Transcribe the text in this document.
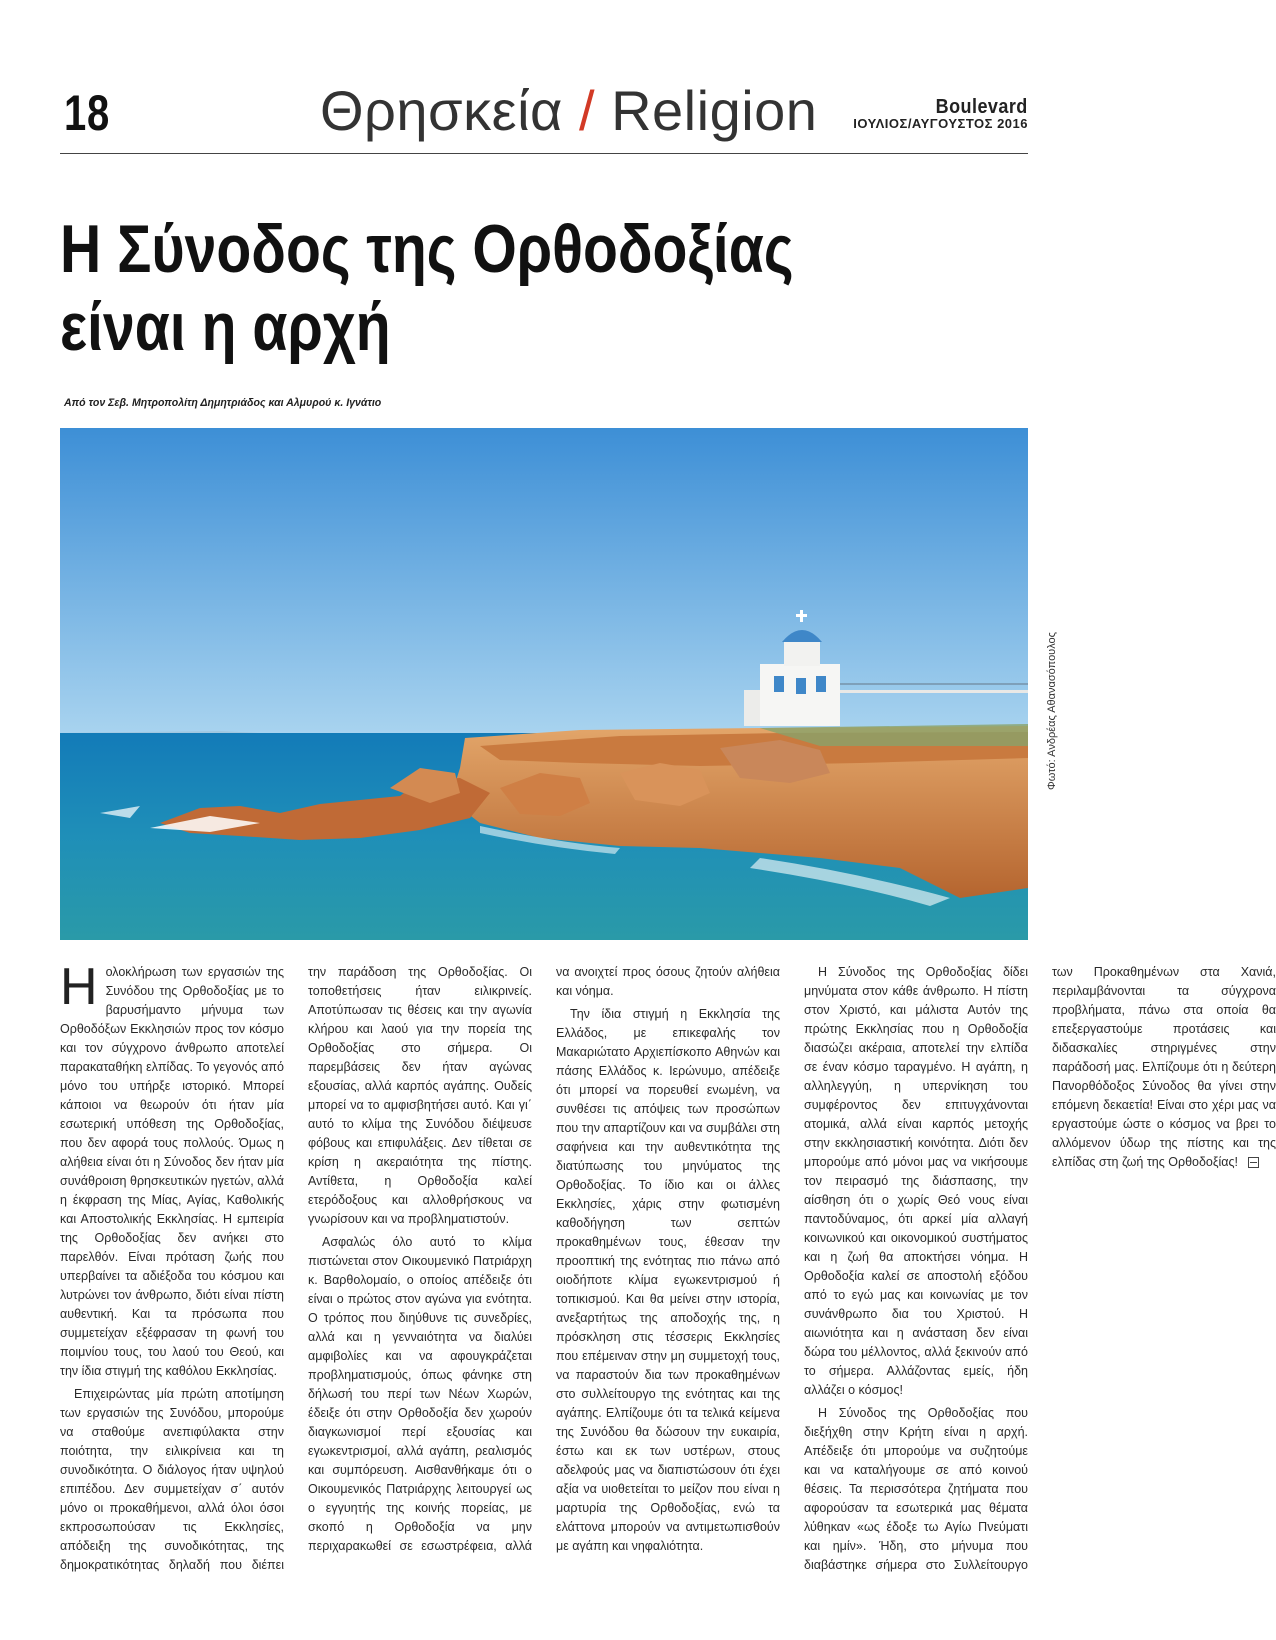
18	Θρησκεία / Religion	Boulevard
ΙΟΥΛΙΟΣ/ΑΥΓΟΥΣΤΟΣ 2016
Η Σύνοδος της Ορθοδοξίας
είναι η αρχή
Από τον Σεβ. Μητροπολίτη Δημητριάδος και Αλμυρού κ. Ιγνάτιο
Φωτό: Ανδρέας Αθανασόπουλος

Η ολοκλήρωση των εργασιών της Συνόδου της Ορθοδοξίας με το βαρυσήμαντο μήνυμα των Ορθοδόξων Εκκλησιών προς τον κόσμο και τον σύγχρονο άνθρωπο αποτελεί παρακαταθήκη ελπίδας. Το γεγονός από μόνο του υπήρξε ιστορικό. Μπορεί κάποιοι να θεωρούν ότι ήταν μία εσωτερική υπόθεση της Ορθοδοξίας, που δεν αφορά τους πολλούς. Όμως η αλήθεια είναι ότι η Σύνοδος δεν ήταν μία συνάθροιση θρησκευτικών ηγετών, αλλά η έκφραση της Μίας, Αγίας, Καθολικής και Αποστολικής Εκκλησίας. Η εμπειρία της Ορθοδοξίας δεν ανήκει στο παρελθόν. Είναι πρόταση ζωής που υπερβαίνει τα αδιέξοδα του κόσμου και λυτρώνει τον άνθρωπο, διότι είναι πίστη αυθεντική. Και τα πρόσωπα που συμμετείχαν εξέφρασαν τη φωνή του ποιμνίου τους, του λαού του Θεού, και την ίδια στιγμή της καθόλου Εκκλησίας.

Επιχειρώντας μία πρώτη αποτίμηση των εργασιών της Συνόδου, μπορούμε να σταθούμε ανεπιφύλακτα στην ποιότητα, την ειλικρίνεια και τη συνοδικότητα. Ο διάλογος ήταν υψηλού επιπέδου. Δεν συμμετείχαν σ΄ αυτόν μόνο οι προκαθήμενοι, αλλά όλοι όσοι εκπροσωπούσαν τις Εκκλησίες, απόδειξη της συνοδικότητας, της δημοκρατικότητας δηλαδή που διέπει την παράδοση της Ορθοδοξίας. Οι τοποθετήσεις ήταν ειλικρινείς. Αποτύπωσαν τις θέσεις και την αγωνία κλήρου και λαού για την πορεία της Ορθοδοξίας στο σήμερα. Οι παρεμβάσεις δεν ήταν αγώνας εξουσίας, αλλά καρπός αγάπης. Ουδείς μπορεί να το αμφισβητήσει αυτό. Και γι΄ αυτό το κλίμα της Συνόδου διέψευσε φόβους και επιφυλάξεις. Δεν τίθεται σε κρίση η ακεραιότητα της πίστης. Αντίθετα, η Ορθοδοξία καλεί ετερόδοξους και αλλοθρήσκους να γνωρίσουν και να προβληματιστούν.

Ασφαλώς όλο αυτό το κλίμα πιστώνεται στον Οικουμενικό Πατριάρχη κ. Βαρθολομαίο, ο οποίος απέδειξε ότι είναι ο πρώτος στον αγώνα για ενότητα. Ο τρόπος που διηύθυνε τις συνεδρίες, αλλά και η γενναιότητα να διαλύει αμφιβολίες και να αφουγκράζεται προβληματισμούς, όπως φάνηκε στη δήλωσή του περί των Νέων Χωρών, έδειξε ότι στην Ορθοδοξία δεν χωρούν διαγκωνισμοί περί εξουσίας και εγωκεντρισμοί, αλλά αγάπη, ρεαλισμός και συμπόρευση. Αισθανθήκαμε ότι ο Οικουμενικός Πατριάρχης λειτουργεί ως ο εγγυητής της κοινής πορείας, με σκοπό η Ορθοδοξία να μην περιχαρακωθεί σε εσωστρέφεια, αλλά να ανοιχτεί προς όσους ζητούν αλήθεια και νόημα.

Την ίδια στιγμή η Εκκλησία της Ελλάδος, με επικεφαλής τον Μακαριώτατο Αρχιεπίσκοπο Αθηνών και πάσης Ελλάδος κ. Ιερώνυμο, απέδειξε ότι μπορεί να πορευθεί ενωμένη, να συνθέσει τις απόψεις των προσώπων που την απαρτίζουν και να συμβάλει στη σαφήνεια και την αυθεντικότητα της διατύπωσης του μηνύματος της Ορθοδοξίας. Το ίδιο και οι άλλες Εκκλησίες, χάρις στην φωτισμένη καθοδήγηση των σεπτών προκαθημένων τους, έθεσαν την προοπτική της ενότητας πιο πάνω από οιοδήποτε κλίμα εγωκεντρισμού ή τοπικισμού. Και θα μείνει στην ιστορία, ανεξαρτήτως της αποδοχής της, η πρόσκληση στις τέσσερις Εκκλησίες που επέμειναν στην μη συμμετοχή τους, να παραστούν δια των προκαθημένων στο συλλείτουργο της ενότητας και της αγάπης. Ελπίζουμε ότι τα τελικά κείμενα της Συνόδου θα δώσουν την ευκαιρία, έστω και εκ των υστέρων, στους αδελφούς μας να διαπιστώσουν ότι έχει αξία να υιοθετείται το μείζον που είναι η μαρτυρία της Ορθοδοξίας, ενώ τα ελάττονα μπορούν να αντιμετωπισθούν με αγάπη και νηφαλιότητα.

Η Σύνοδος της Ορθοδοξίας δίδει μηνύματα στον κάθε άνθρωπο. Η πίστη στον Χριστό, και μάλιστα Αυτόν της πρώτης Εκκλησίας που η Ορθοδοξία διασώζει ακέραια, αποτελεί την ελπίδα σε έναν κόσμο ταραγμένο. Η αγάπη, η αλληλεγγύη, η υπερνίκηση του συμφέροντος δεν επιτυγχάνονται ατομικά, αλλά είναι καρπός μετοχής στην εκκλησιαστική κοινότητα. Διότι δεν μπορούμε από μόνοι μας να νικήσουμε τον πειρασμό της διάσπασης, την αίσθηση ότι ο χωρίς Θεό νους είναι παντοδύναμος, ότι αρκεί μία αλλαγή κοινωνικού και οικονομικού συστήματος και η ζωή θα αποκτήσει νόημα. Η Ορθοδοξία καλεί σε αποστολή εξόδου από το εγώ μας και κοινωνίας με τον συνάνθρωπο δια του Χριστού. Η αιωνιότητα και η ανάσταση δεν είναι δώρα του μέλλοντος, αλλά ξεκινούν από το σήμερα. Αλλάζοντας εμείς, ήδη αλλάζει ο κόσμος!

Η Σύνοδος της Ορθοδοξίας που διεξήχθη στην Κρήτη είναι η αρχή. Απέδειξε ότι μπορούμε να συζητούμε και να καταλήγουμε σε από κοινού θέσεις. Τα περισσότερα ζητήματα που αφορούσαν τα εσωτερικά μας θέματα λύθηκαν «ως έδοξε τω Αγίω Πνεύματι και ημίν». Ήδη, στο μήνυμα που διαβάστηκε σήμερα στο Συλλείτουργο των Προκαθημένων στα Χανιά, περιλαμβάνονται τα σύγχρονα προβλήματα, πάνω στα οποία θα επεξεργαστούμε προτάσεις και διδασκαλίες στηριγμένες στην παράδοσή μας. Ελπίζουμε ότι η δεύτερη Πανορθόδοξος Σύνοδος θα γίνει στην επόμενη δεκαετία! Είναι στο χέρι μας να εργαστούμε ώστε ο κόσμος να βρει το αλλόμενον ύδωρ της πίστης και της ελπίδας στη ζωή της Ορθοδοξίας!
